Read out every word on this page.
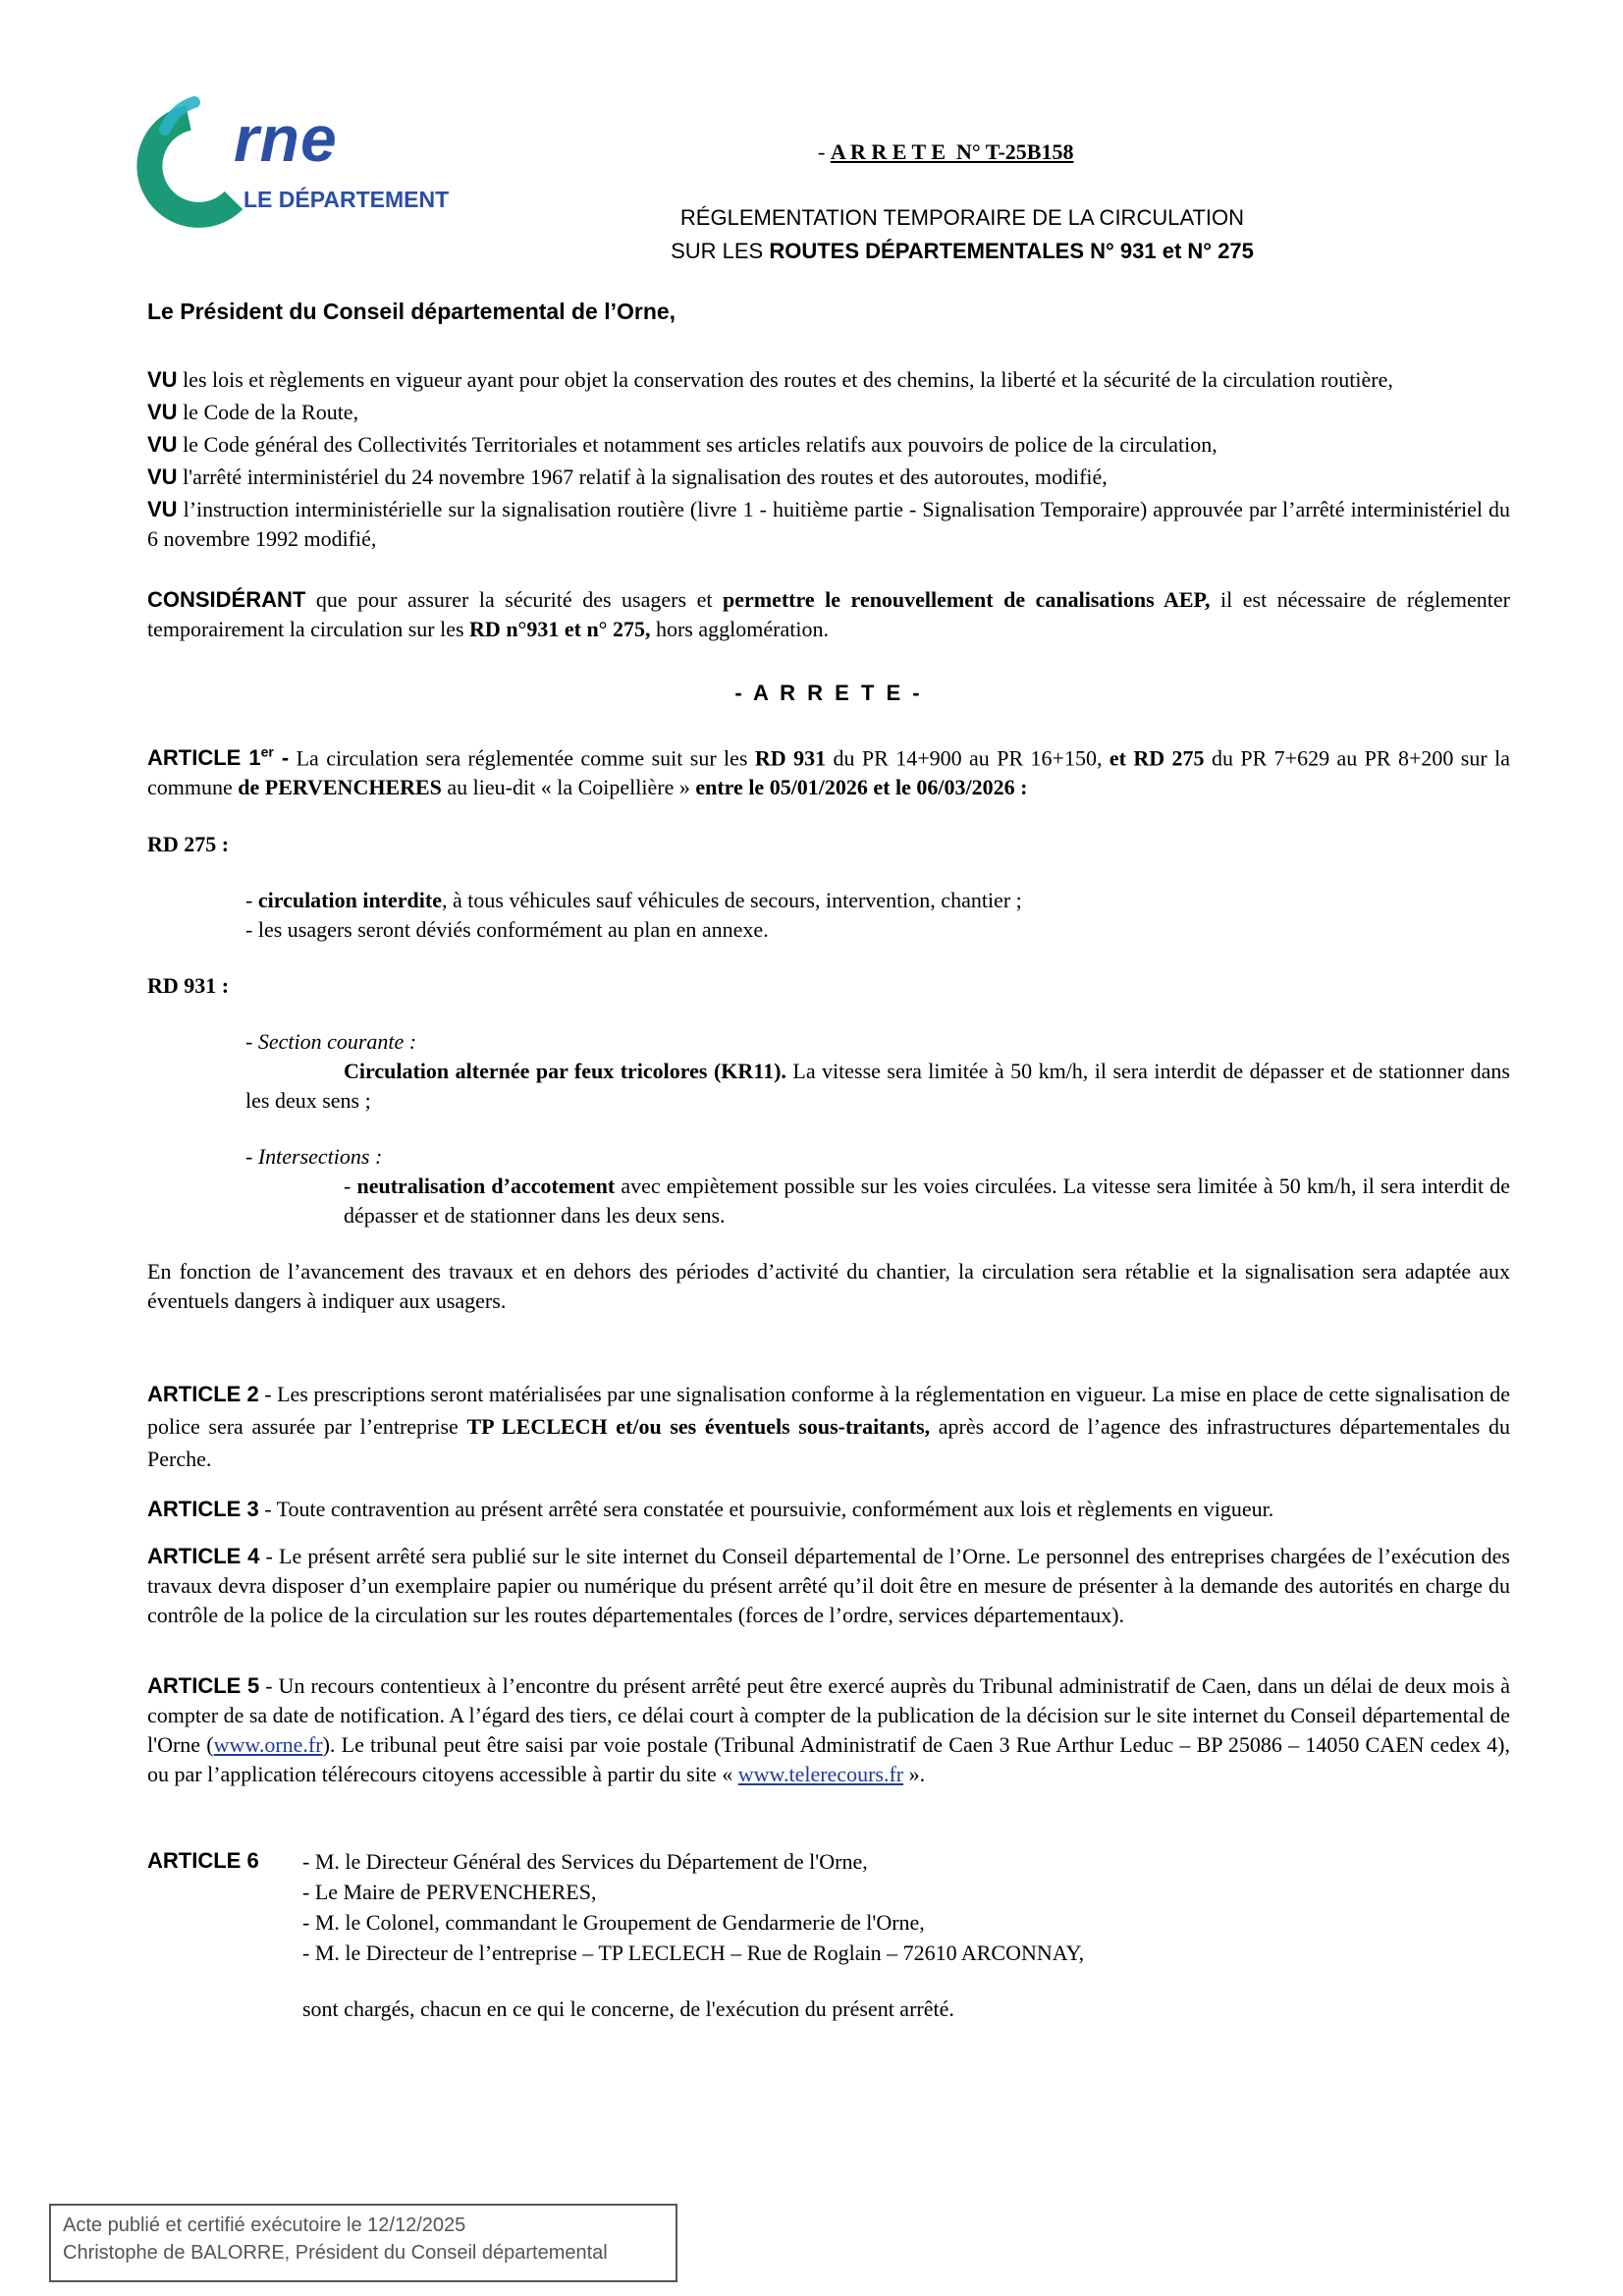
rne
LE DÉPARTEMENT
- A R R E T E  N° T-25B158
RÉGLEMENTATION TEMPORAIRE DE LA CIRCULATION
SUR LES ROUTES DÉPARTEMENTALES N° 931 et N° 275
Le Président du Conseil départemental de l’Orne,

VU les lois et règlements en vigueur ayant pour objet la conservation des routes et des chemins, la liberté et la sécurité de la circulation routière,

VU le Code de la Route,

VU le Code général des Collectivités Territoriales et notamment ses articles relatifs aux pouvoirs de police de la circulation,

VU l'arrêté interministériel du 24 novembre 1967 relatif à la signalisation des routes et des autoroutes, modifié,

VU l’instruction interministérielle sur la signalisation routière (livre 1 - huitième partie - Signalisation Temporaire) approuvée par l’arrêté interministériel du 6 novembre 1992 modifié,

CONSIDÉRANT que pour assurer la sécurité des usagers et permettre le renouvellement de canalisations AEP, il est nécessaire de réglementer temporairement la circulation sur les RD n°931 et n° 275, hors agglomération.

- A R R E T E -

ARTICLE 1er - La circulation sera réglementée comme suit sur les RD 931 du PR 14+900 au PR 16+150, et RD 275 du PR 7+629 au PR 8+200 sur la commune de PERVENCHERES au lieu-dit « la Coipellière » entre le 05/01/2026 et le 06/03/2026 :

RD 275 :

- circulation interdite, à tous véhicules sauf véhicules de secours, intervention, chantier ;

- les usagers seront déviés conformément au plan en annexe.

RD 931 :

- Section courante :

Circulation alternée par feux tricolores (KR11). La vitesse sera limitée à 50 km/h, il sera interdit de dépasser et de stationner dans les deux sens ;

- Intersections :

- neutralisation d’accotement avec empiètement possible sur les voies circulées. La vitesse sera limitée à 50 km/h, il sera interdit de dépasser et de stationner dans les deux sens.

En fonction de l’avancement des travaux et en dehors des périodes d’activité du chantier, la circulation sera rétablie et la signalisation sera adaptée aux éventuels dangers à indiquer aux usagers.

ARTICLE 2 - Les prescriptions seront matérialisées par une signalisation conforme à la réglementation en vigueur. La mise en place de cette signalisation de police sera assurée par l’entreprise TP LECLECH et/ou ses éventuels sous-traitants, après accord de l’agence des infrastructures départementales du Perche.

ARTICLE 3 - Toute contravention au présent arrêté sera constatée et poursuivie, conformément aux lois et règlements en vigueur.

ARTICLE 4 - Le présent arrêté sera publié sur le site internet du Conseil départemental de l’Orne. Le personnel des entreprises chargées de l’exécution des travaux devra disposer d’un exemplaire papier ou numérique du présent arrêté qu’il doit être en mesure de présenter à la demande des autorités en charge du contrôle de la police de la circulation sur les routes départementales (forces de l’ordre, services départementaux).

ARTICLE 5 - Un recours contentieux à l’encontre du présent arrêté peut être exercé auprès du Tribunal administratif de Caen, dans un délai de deux mois à compter de sa date de notification. A l’égard des tiers, ce délai court à compter de la publication de la décision sur le site internet du Conseil départemental de l'Orne (www.orne.fr). Le tribunal peut être saisi par voie postale (Tribunal Administratif de Caen 3 Rue Arthur Leduc – BP 25086 – 14050 CAEN cedex 4), ou par l’application télérecours citoyens accessible à partir du site « www.telerecours.fr ».

ARTICLE 6 - M. le Directeur Général des Services du Département de l'Orne,

- Le Maire de PERVENCHERES,

- M. le Colonel, commandant le Groupement de Gendarmerie de l'Orne,

- M. le Directeur de l’entreprise – TP LECLECH – Rue de Roglain – 72610 ARCONNAY,

sont chargés, chacun en ce qui le concerne, de l'exécution du présent arrêté.

Acte publié et certifié exécutoire le 12/12/2025
Christophe de BALORRE, Président du Conseil départemental
